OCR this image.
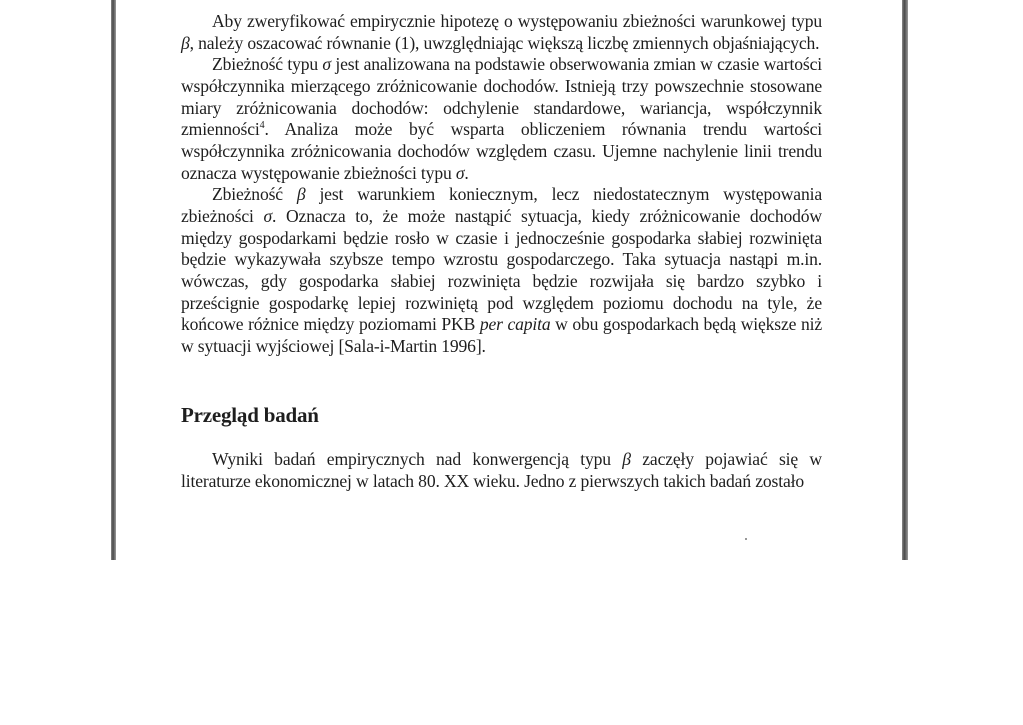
Aby zweryfikować empirycznie hipotezę o występowaniu zbieżności warunkowej typu β, należy oszacować równanie (1), uwzględniając większą liczbę zmiennych objaśniających.

Zbieżność typu σ jest analizowana na podstawie obserwowania zmian w czasie wartości współczynnika mierzącego zróżnicowanie dochodów. Istnieją trzy powszechnie stosowane miary zróżnicowania dochodów: odchylenie standardowe, wariancja, współczynnik zmienności$^4$. Analiza może być wsparta obliczeniem równania trendu wartości współczynnika zróżnicowania dochodów względem czasu. Ujemne nachylenie linii trendu oznacza występowanie zbieżności typu σ.

Zbieżność β jest warunkiem koniecznym, lecz niedostatecznym występowania zbieżności σ. Oznacza to, że może nastąpić sytuacja, kiedy zróżnicowanie dochodów między gospodarkami będzie rosło w czasie i jednocześnie gospodarka słabiej rozwinięta będzie wykazywała szybsze tempo wzrostu gospodarczego. Taka sytuacja nastąpi m.in. wówczas, gdy gospodarka słabiej rozwinięta będzie rozwijała się bardzo szybko i prześcignie gospodarkę lepiej rozwiniętą pod względem poziomu dochodu na tyle, że końcowe różnice między poziomami PKB per capita w obu gospodarkach będą większe niż w sytuacji wyjściowej [Sala-i-Martin 1996].

Przegląd badań

Wyniki badań empirycznych nad konwergencją typu β zaczęły pojawiać się w literaturze ekonomicznej w latach 80. XX wieku. Jedno z pierwszych takich badań zostało
